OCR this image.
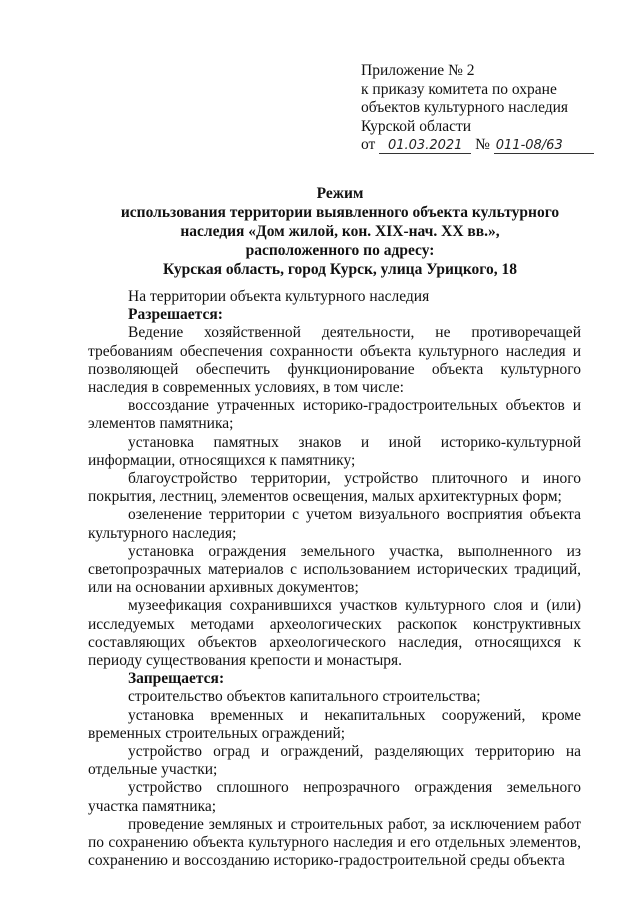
Приложение № 2
к приказу комитета по охране
объектов культурного наследия
Курской области
от 01.03.2021 № 011-08/63
Режим
использования территории выявленного объекта культурного
наследия «Дом жилой, кон. XIX-нач. XX вв.»,
расположенного по адресу:
Курская область, город Курск, улица Урицкого, 18

На территории объекта культурного наследия

Разрешается:

Ведение хозяйственной деятельности, не противоречащей требованиям обеспечения сохранности объекта культурного наследия и позволяющей обеспечить функционирование объекта культурного наследия в современных условиях, в том числе:

воссоздание утраченных историко-градостроительных объектов и элементов памятника;

установка памятных знаков и иной историко-культурной информации, относящихся к памятнику;

благоустройство территории, устройство плиточного и иного покрытия, лестниц, элементов освещения, малых архитектурных форм;

озеленение территории с учетом визуального восприятия объекта культурного наследия;

установка ограждения земельного участка, выполненного из светопрозрачных материалов с использованием исторических традиций, или на основании архивных документов;

музеефикация сохранившихся участков культурного слоя и (или) исследуемых методами археологических раскопок конструктивных составляющих объектов археологического наследия, относящихся к периоду существования крепости и монастыря.

Запрещается:

строительство объектов капитального строительства;

установка временных и некапитальных сооружений, кроме временных строительных ограждений;

устройство оград и ограждений, разделяющих территорию на отдельные участки;

устройство сплошного непрозрачного ограждения земельного участка памятника;

проведение земляных и строительных работ, за исключением работ по сохранению объекта культурного наследия и его отдельных элементов, сохранению и воссозданию историко-градостроительной среды объекта
